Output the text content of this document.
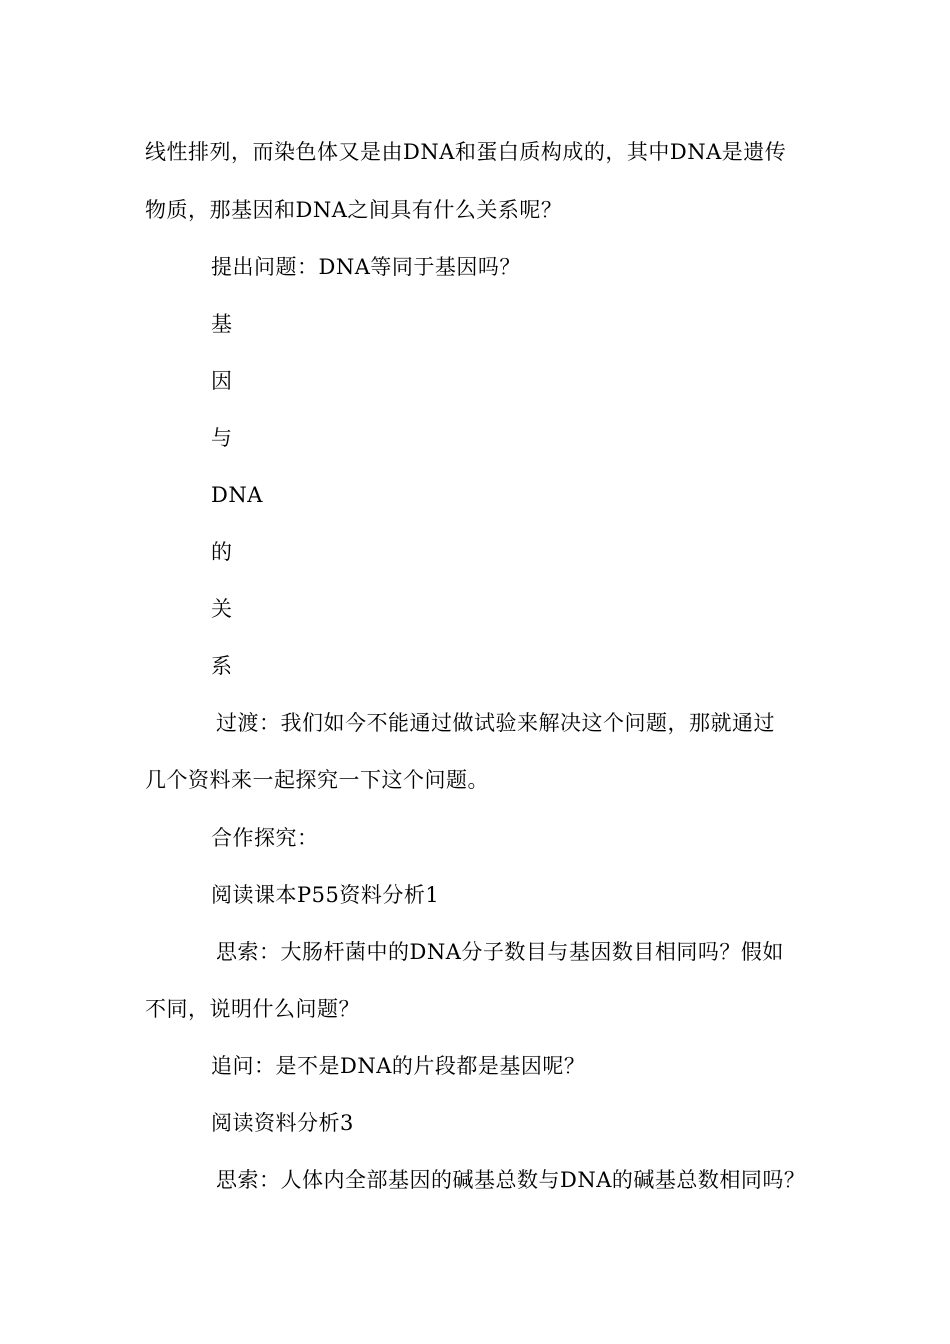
线性排列，而染色体又是由DNA和蛋白质构成的，其中DNA是遗传
物质，那基因和DNA之间具有什么关系呢？
提出问题：DNA等同于基因吗？
基
因
与
DNA
的
关
系
过渡：我们如今不能通过做试验来解决这个问题，那就通过
几个资料来一起探究一下这个问题。
合作探究：
阅读课本P55资料分析1
思索：大肠杆菌中的DNA分子数目与基因数目相同吗？假如
不同，说明什么问题？
追问：是不是DNA的片段都是基因呢？
阅读资料分析3
思索：人体内全部基因的碱基总数与DNA的碱基总数相同吗？
